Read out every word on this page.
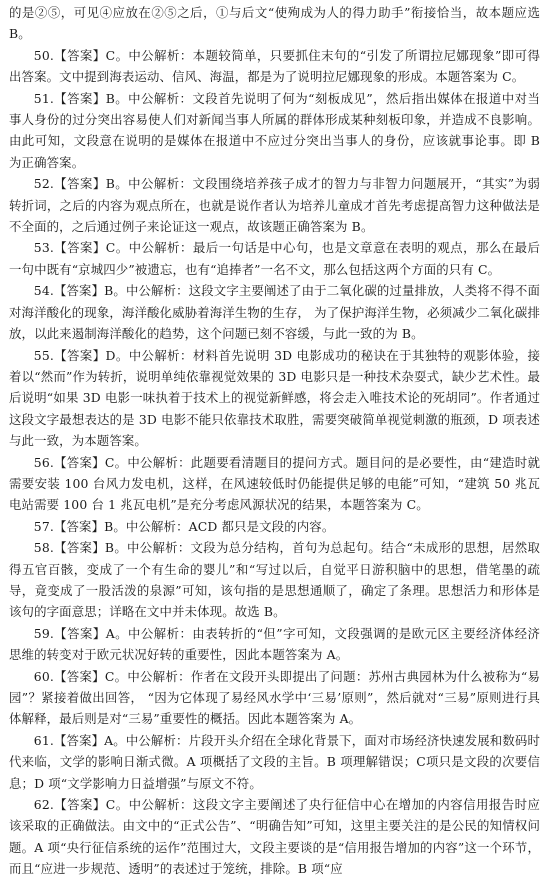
的是②⑤，可见④应放在②⑤之后，①与后文“使殉成为人的得力助手”衔接恰当，故本题应选 B。

50.【答案】C。中公解析：本题较简单，只要抓住末句的“引发了所谓拉尼娜现象”即可得出答案。文中提到海表运动、信风、海温，都是为了说明拉尼娜现象的形成。本题答案为 C。

51.【答案】B。中公解析：文段首先说明了何为“刻板成见”，然后指出媒体在报道中对当事人身份的过分突出容易使人们对新闻当事人所属的群体形成某种刻板印象，并造成不良影响。由此可知，文段意在说明的是媒体在报道中不应过分突出当事人的身份，应该就事论事。即 B 为正确答案。

52.【答案】B。中公解析：文段围绕培养孩子成才的智力与非智力问题展开，“其实”为弱转折词，之后的内容为观点所在，也就是说作者认为培养儿童成才首先考虑提高智力这种做法是不全面的，之后通过例子来论证这一观点，故该题正确答案为 B。

53.【答案】C。中公解析：最后一句话是中心句，也是文章意在表明的观点，那么在最后一句中既有“京城四少”被遗忘，也有“追捧者”一名不文，那么包括这两个方面的只有 C。

54.【答案】B。中公解析：这段文字主要阐述了由于二氧化碳的过量排放，人类将不得不面对海洋酸化的现象，海洋酸化威胁着海洋生物的生存， 为了保护海洋生物，必须减少二氧化碳排放，以此来遏制海洋酸化的趋势，这个问题已刻不容缓，与此一致的为 B。

55.【答案】D。中公解析：材料首先说明 3D 电影成功的秘诀在于其独特的观影体验，接着以“然而”作为转折，说明单纯依靠视觉效果的 3D 电影只是一种技术杂耍式，缺少艺术性。最后说明“如果 3D 电影一味执着于技术上的视觉新鲜感，将会走入唯技术论的死胡同”。作者通过这段文字最想表达的是 3D 电影不能只依靠技术取胜，需要突破简单视觉刺激的瓶颈，D 项表述与此一致，为本题答案。

56.【答案】C。中公解析：此题要看清题目的提问方式。题目问的是必要性，由“建造时就需要安装 100 台风力发电机，这样，在风速较低时仍能提供足够的电能”可知，“建筑 50 兆瓦电站需要 100 台 1 兆瓦电机”是充分考虑风源状况的结果，本题答案为 C。

57.【答案】B。中公解析：ACD 都只是文段的内容。

58.【答案】B。中公解析：文段为总分结构，首句为总起句。结合“未成形的思想，居然取得五官百骸，变成了一个有生命的婴儿”和“写过以后，自觉平日游积脑中的思想，借笔墨的疏导，竟变成了一股活泼的泉源”可知，该句指的是思想通顺了，确定了条理。思想活力和形体是该句的字面意思；详略在文中并未体现。故选 B。

59.【答案】A。中公解析：由表转折的“但”字可知，文段强调的是欧元区主要经济体经济思维的转变对于欧元状况好转的重要性，因此本题答案为 A。

60.【答案】C。中公解析：作者在文段开头即提出了问题：苏州古典园林为什么被称为“易园”？紧接着做出回答， “因为它体现了易经风水学中‘三易’原则”，然后就对“三易”原则进行具体解释，最后则是对“三易”重要性的概括。因此本题答案为 A。

61.【答案】A。中公解析：片段开头介绍在全球化背景下，面对市场经济快速发展和数码时代来临，文学的影响日渐式微。A 项概括了文段的主旨。B 项理解错误；C项只是文段的次要信息；D 项“文学影响力日益增强”与原文不符。

62.【答案】C。中公解析：这段文字主要阐述了央行征信中心在增加的内容信用报告时应该采取的正确做法。由文中的“正式公告”、“明确告知”可知，这里主要关注的是公民的知情权问题。A 项“央行征信系统的运作”范围过大，文段主要谈的是“信用报告增加的内容”这一个环节，而且“应进一步规范、透明”的表述过于笼统，排除。B 项“应
